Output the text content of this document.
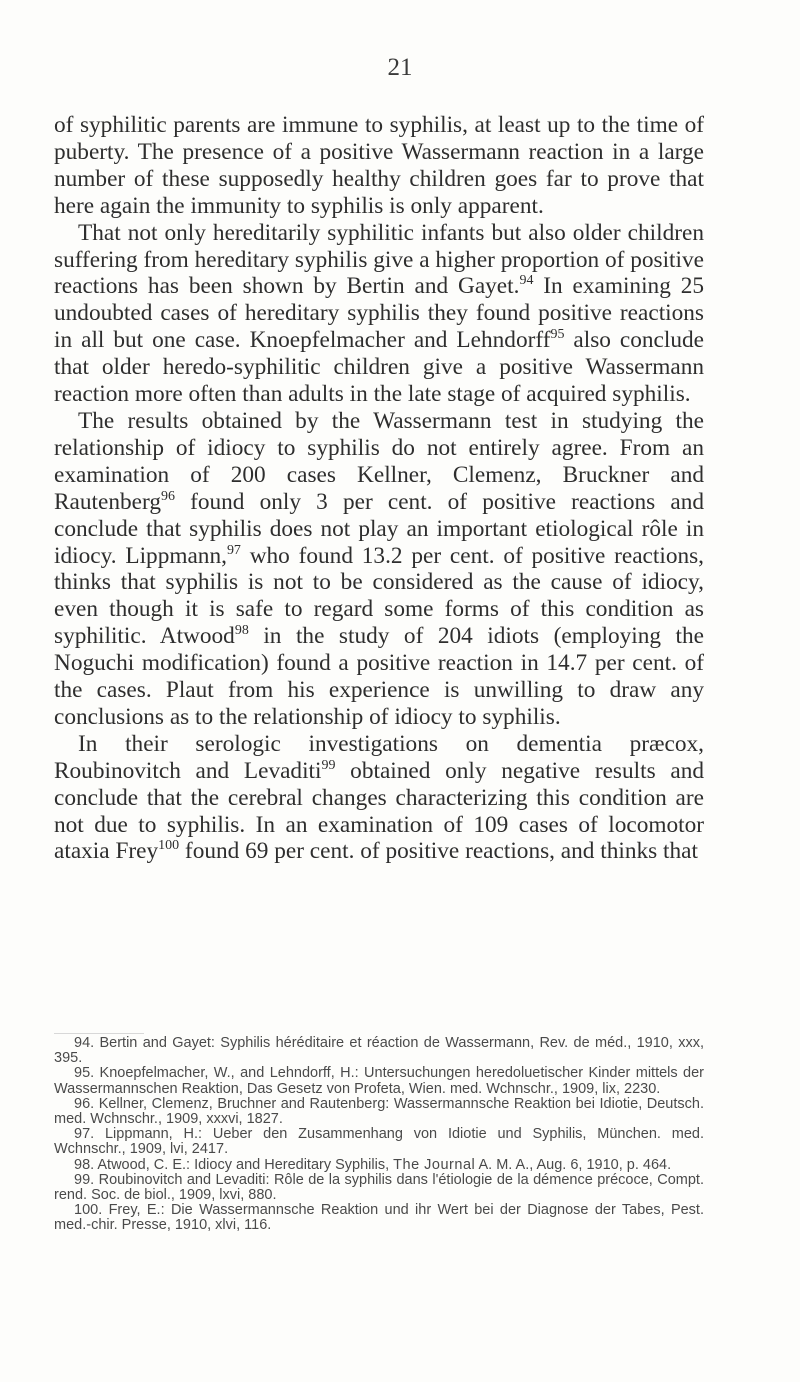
21

of syphilitic parents are immune to syphilis, at least up to the time of puberty. The presence of a positive Wassermann reaction in a large number of these supposedly healthy children goes far to prove that here again the immunity to syphilis is only apparent.

That not only hereditarily syphilitic infants but also older children suffering from hereditary syphilis give a higher proportion of positive reactions has been shown by Bertin and Gayet.$^{94}$ In examining 25 undoubted cases of hereditary syphilis they found positive reactions in all but one case. Knoepfelmacher and Lehndorff$^{95}$ also conclude that older heredo-syphilitic children give a positive Wassermann reaction more often than adults in the late stage of acquired syphilis.

The results obtained by the Wassermann test in studying the relationship of idiocy to syphilis do not entirely agree. From an examination of 200 cases Kellner, Clemenz, Bruckner and Rautenberg$^{96}$ found only 3 per cent. of positive reactions and conclude that syphilis does not play an important etiological rôle in idiocy. Lippmann,$^{97}$ who found 13.2 per cent. of positive reactions, thinks that syphilis is not to be considered as the cause of idiocy, even though it is safe to regard some forms of this condition as syphilitic. Atwood$^{98}$ in the study of 204 idiots (employing the Noguchi modification) found a positive reaction in 14.7 per cent. of the cases. Plaut from his experience is unwilling to draw any conclusions as to the relationship of idiocy to syphilis.

In their serologic investigations on dementia præcox, Roubinovitch and Levaditi$^{99}$ obtained only negative results and conclude that the cerebral changes characterizing this condition are not due to syphilis. In an examination of 109 cases of locomotor ataxia Frey$^{100}$ found 69 per cent. of positive reactions, and thinks that

94. Bertin and Gayet: Syphilis héréditaire et réaction de Wassermann, Rev. de méd., 1910, xxx, 395.

95. Knoepfelmacher, W., and Lehndorff, H.: Untersuchungen heredoluetischer Kinder mittels der Wassermannschen Reaktion, Das Gesetz von Profeta, Wien. med. Wchnschr., 1909, lix, 2230.

96. Kellner, Clemenz, Bruchner and Rautenberg: Wassermannsche Reaktion bei Idiotie, Deutsch. med. Wchnschr., 1909, xxxvi, 1827.

97. Lippmann, H.: Ueber den Zusammenhang von Idiotie und Syphilis, München. med. Wchnschr., 1909, lvi, 2417.

98. Atwood, C. E.: Idiocy and Hereditary Syphilis, The Journal A. M. A., Aug. 6, 1910, p. 464.

99. Roubinovitch and Levaditi: Rôle de la syphilis dans l'étiologie de la démence précoce, Compt. rend. Soc. de biol., 1909, lxvi, 880.

100. Frey, E.: Die Wassermannsche Reaktion und ihr Wert bei der Diagnose der Tabes, Pest. med.-chir. Presse, 1910, xlvi, 116.
